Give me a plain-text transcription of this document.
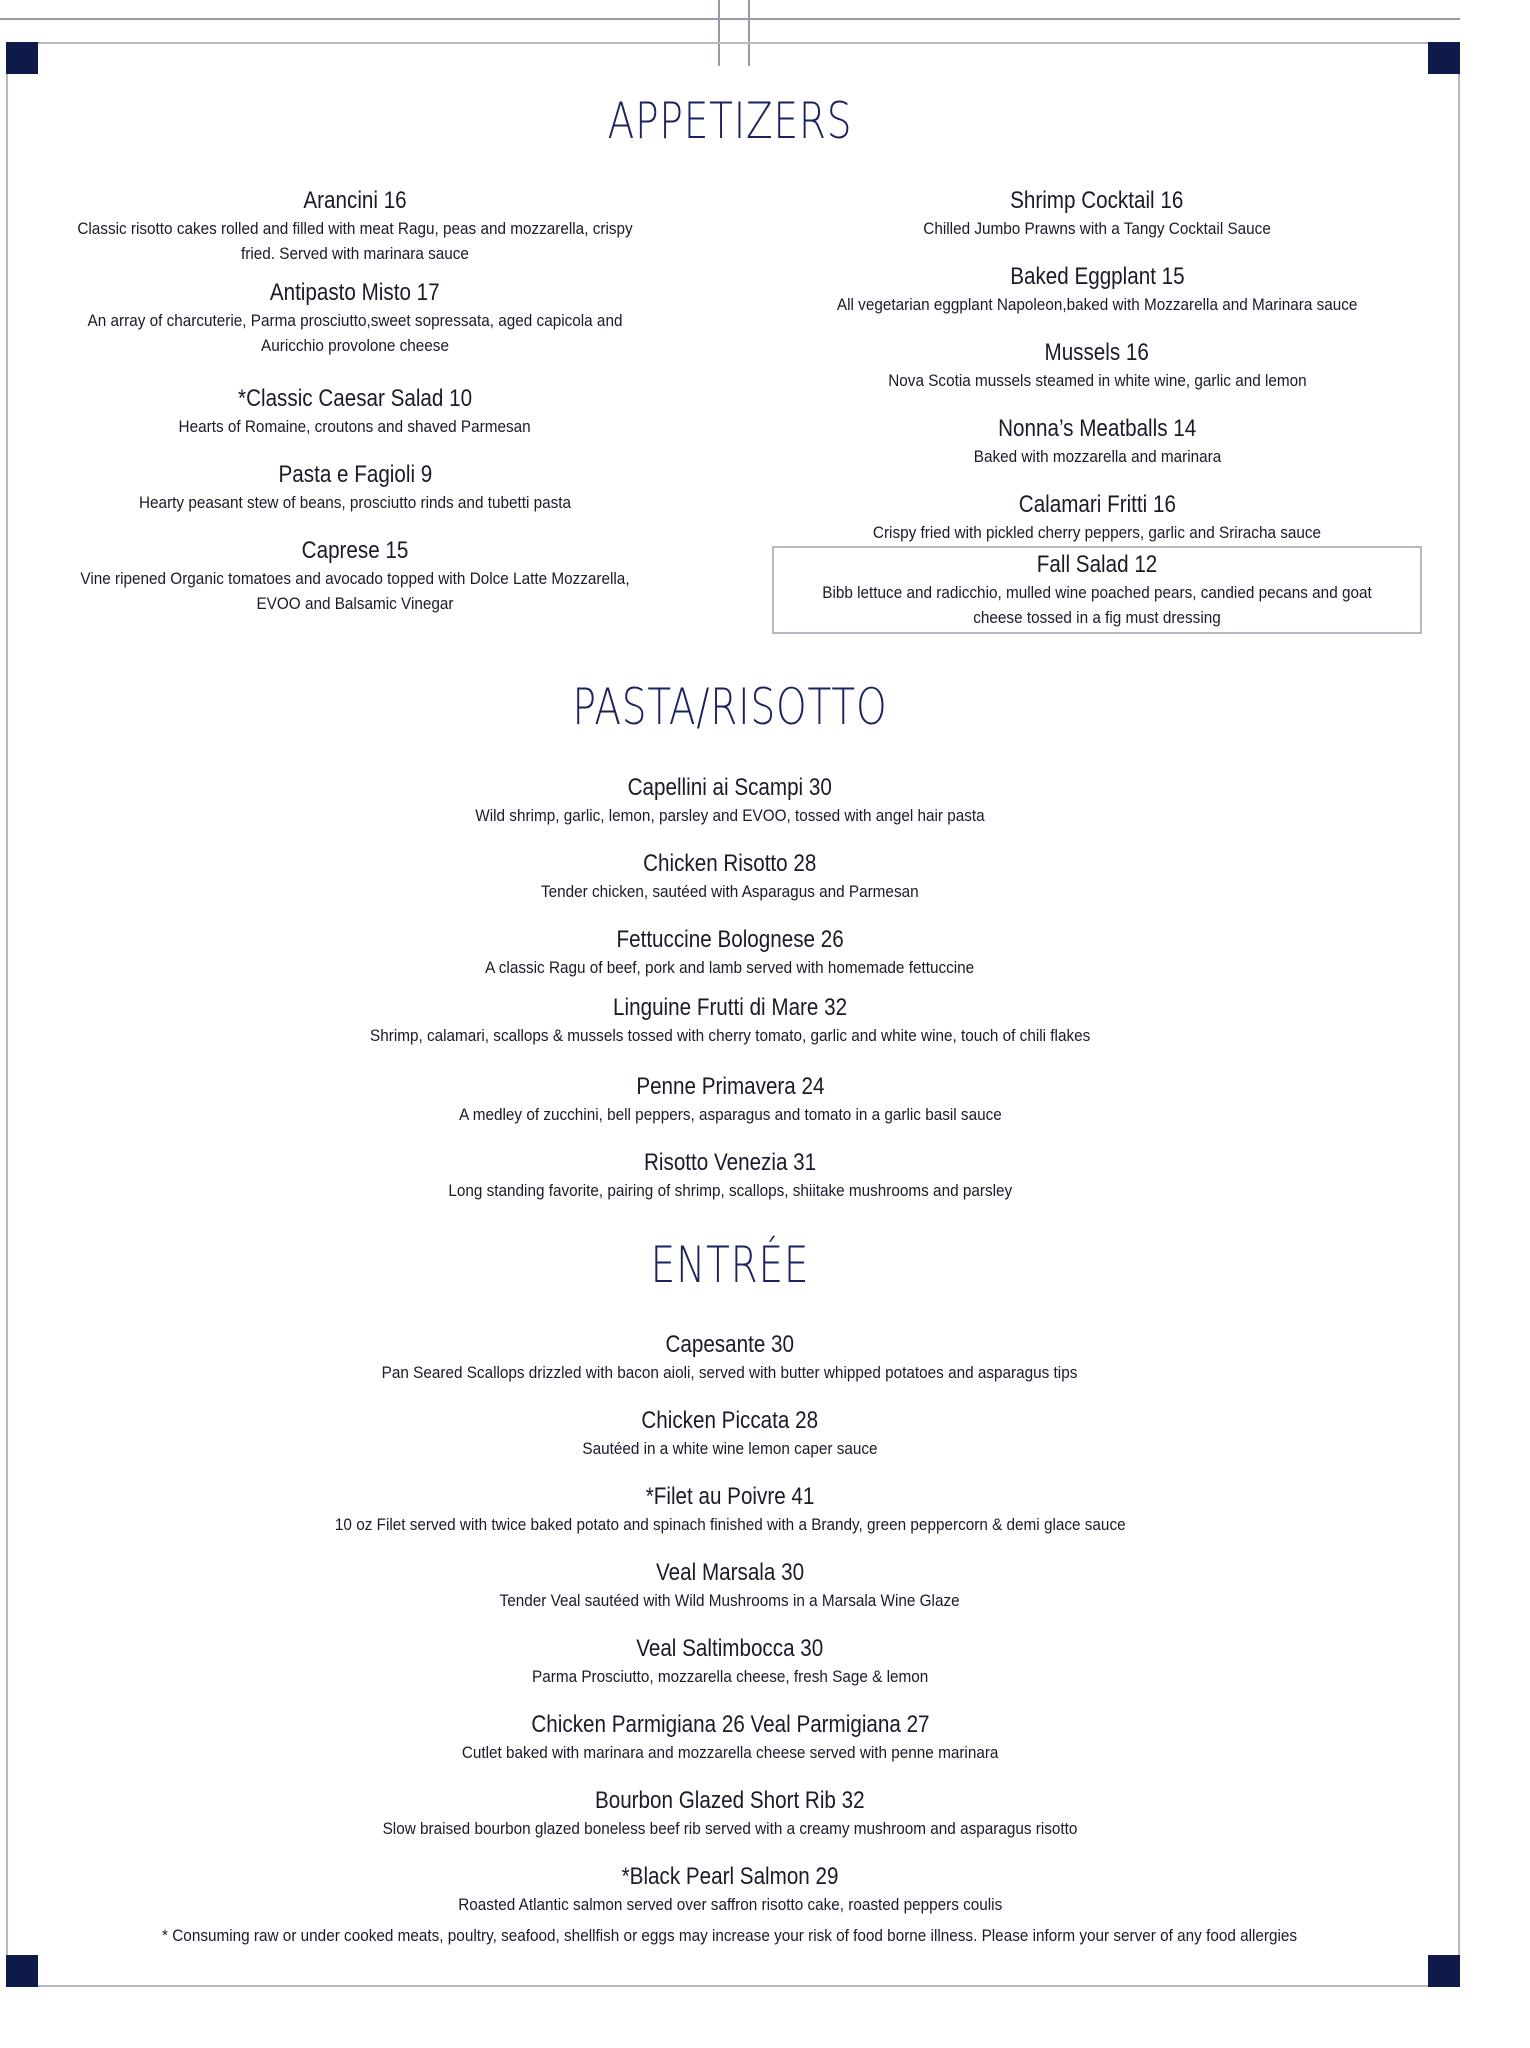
APPETIZERS
Arancini 16
Classic risotto cakes rolled and filled with meat Ragu, peas and mozzarella, crispy fried. Served with marinara sauce
Antipasto Misto 17
An array of charcuterie, Parma prosciutto,sweet sopressata, aged capicola and Auricchio provolone cheese
*Classic Caesar Salad 10
Hearts of Romaine, croutons and shaved Parmesan
Pasta e Fagioli 9
Hearty peasant stew of beans, prosciutto rinds and tubetti pasta
Caprese 15
Vine ripened Organic tomatoes and avocado topped with Dolce Latte Mozzarella, EVOO and Balsamic Vinegar
Shrimp Cocktail 16
Chilled Jumbo Prawns with a Tangy Cocktail Sauce
Baked Eggplant 15
All vegetarian eggplant Napoleon,baked with Mozzarella and Marinara sauce
Mussels 16
Nova Scotia mussels steamed in white wine, garlic and lemon
Nonna’s Meatballs 14
Baked with mozzarella and marinara
Calamari Fritti 16
Crispy fried with pickled cherry peppers, garlic and Sriracha sauce
Fall Salad 12
Bibb lettuce and radicchio, mulled wine poached pears, candied pecans and goat cheese tossed in a fig must dressing
PASTA/RISOTTO
Capellini ai Scampi 30
Wild shrimp, garlic, lemon, parsley and EVOO, tossed with angel hair pasta
Chicken Risotto 28
Tender chicken, sautéed with Asparagus and Parmesan
Fettuccine Bolognese 26
A classic Ragu of beef, pork and lamb served with homemade fettuccine
Linguine Frutti di Mare 32
Shrimp, calamari, scallops & mussels tossed with cherry tomato, garlic and white wine, touch of chili flakes
Penne Primavera 24
A medley of zucchini, bell peppers, asparagus and tomato in a garlic basil sauce
Risotto Venezia 31
Long standing favorite, pairing of shrimp, scallops, shiitake mushrooms and parsley
ENTRÉE
Capesante 30
Pan Seared Scallops drizzled with bacon aioli, served with butter whipped potatoes and asparagus tips
Chicken Piccata 28
Sautéed in a white wine lemon caper sauce
*Filet au Poivre 41
10 oz Filet served with twice baked potato and spinach finished with a Brandy, green peppercorn & demi glace sauce
Veal Marsala 30
Tender Veal sautéed with Wild Mushrooms in a Marsala Wine Glaze
Veal Saltimbocca 30
Parma Prosciutto, mozzarella cheese, fresh Sage & lemon
Chicken Parmigiana 26 Veal Parmigiana 27
Cutlet baked with marinara and mozzarella cheese served with penne marinara
Bourbon Glazed Short Rib 32
Slow braised bourbon glazed boneless beef rib served with a creamy mushroom and asparagus risotto
*Black Pearl Salmon 29
Roasted Atlantic salmon served over saffron risotto cake, roasted peppers coulis
* Consuming raw or under cooked meats, poultry, seafood, shellfish or eggs may increase your risk of food borne illness. Please inform your server of any food allergies
